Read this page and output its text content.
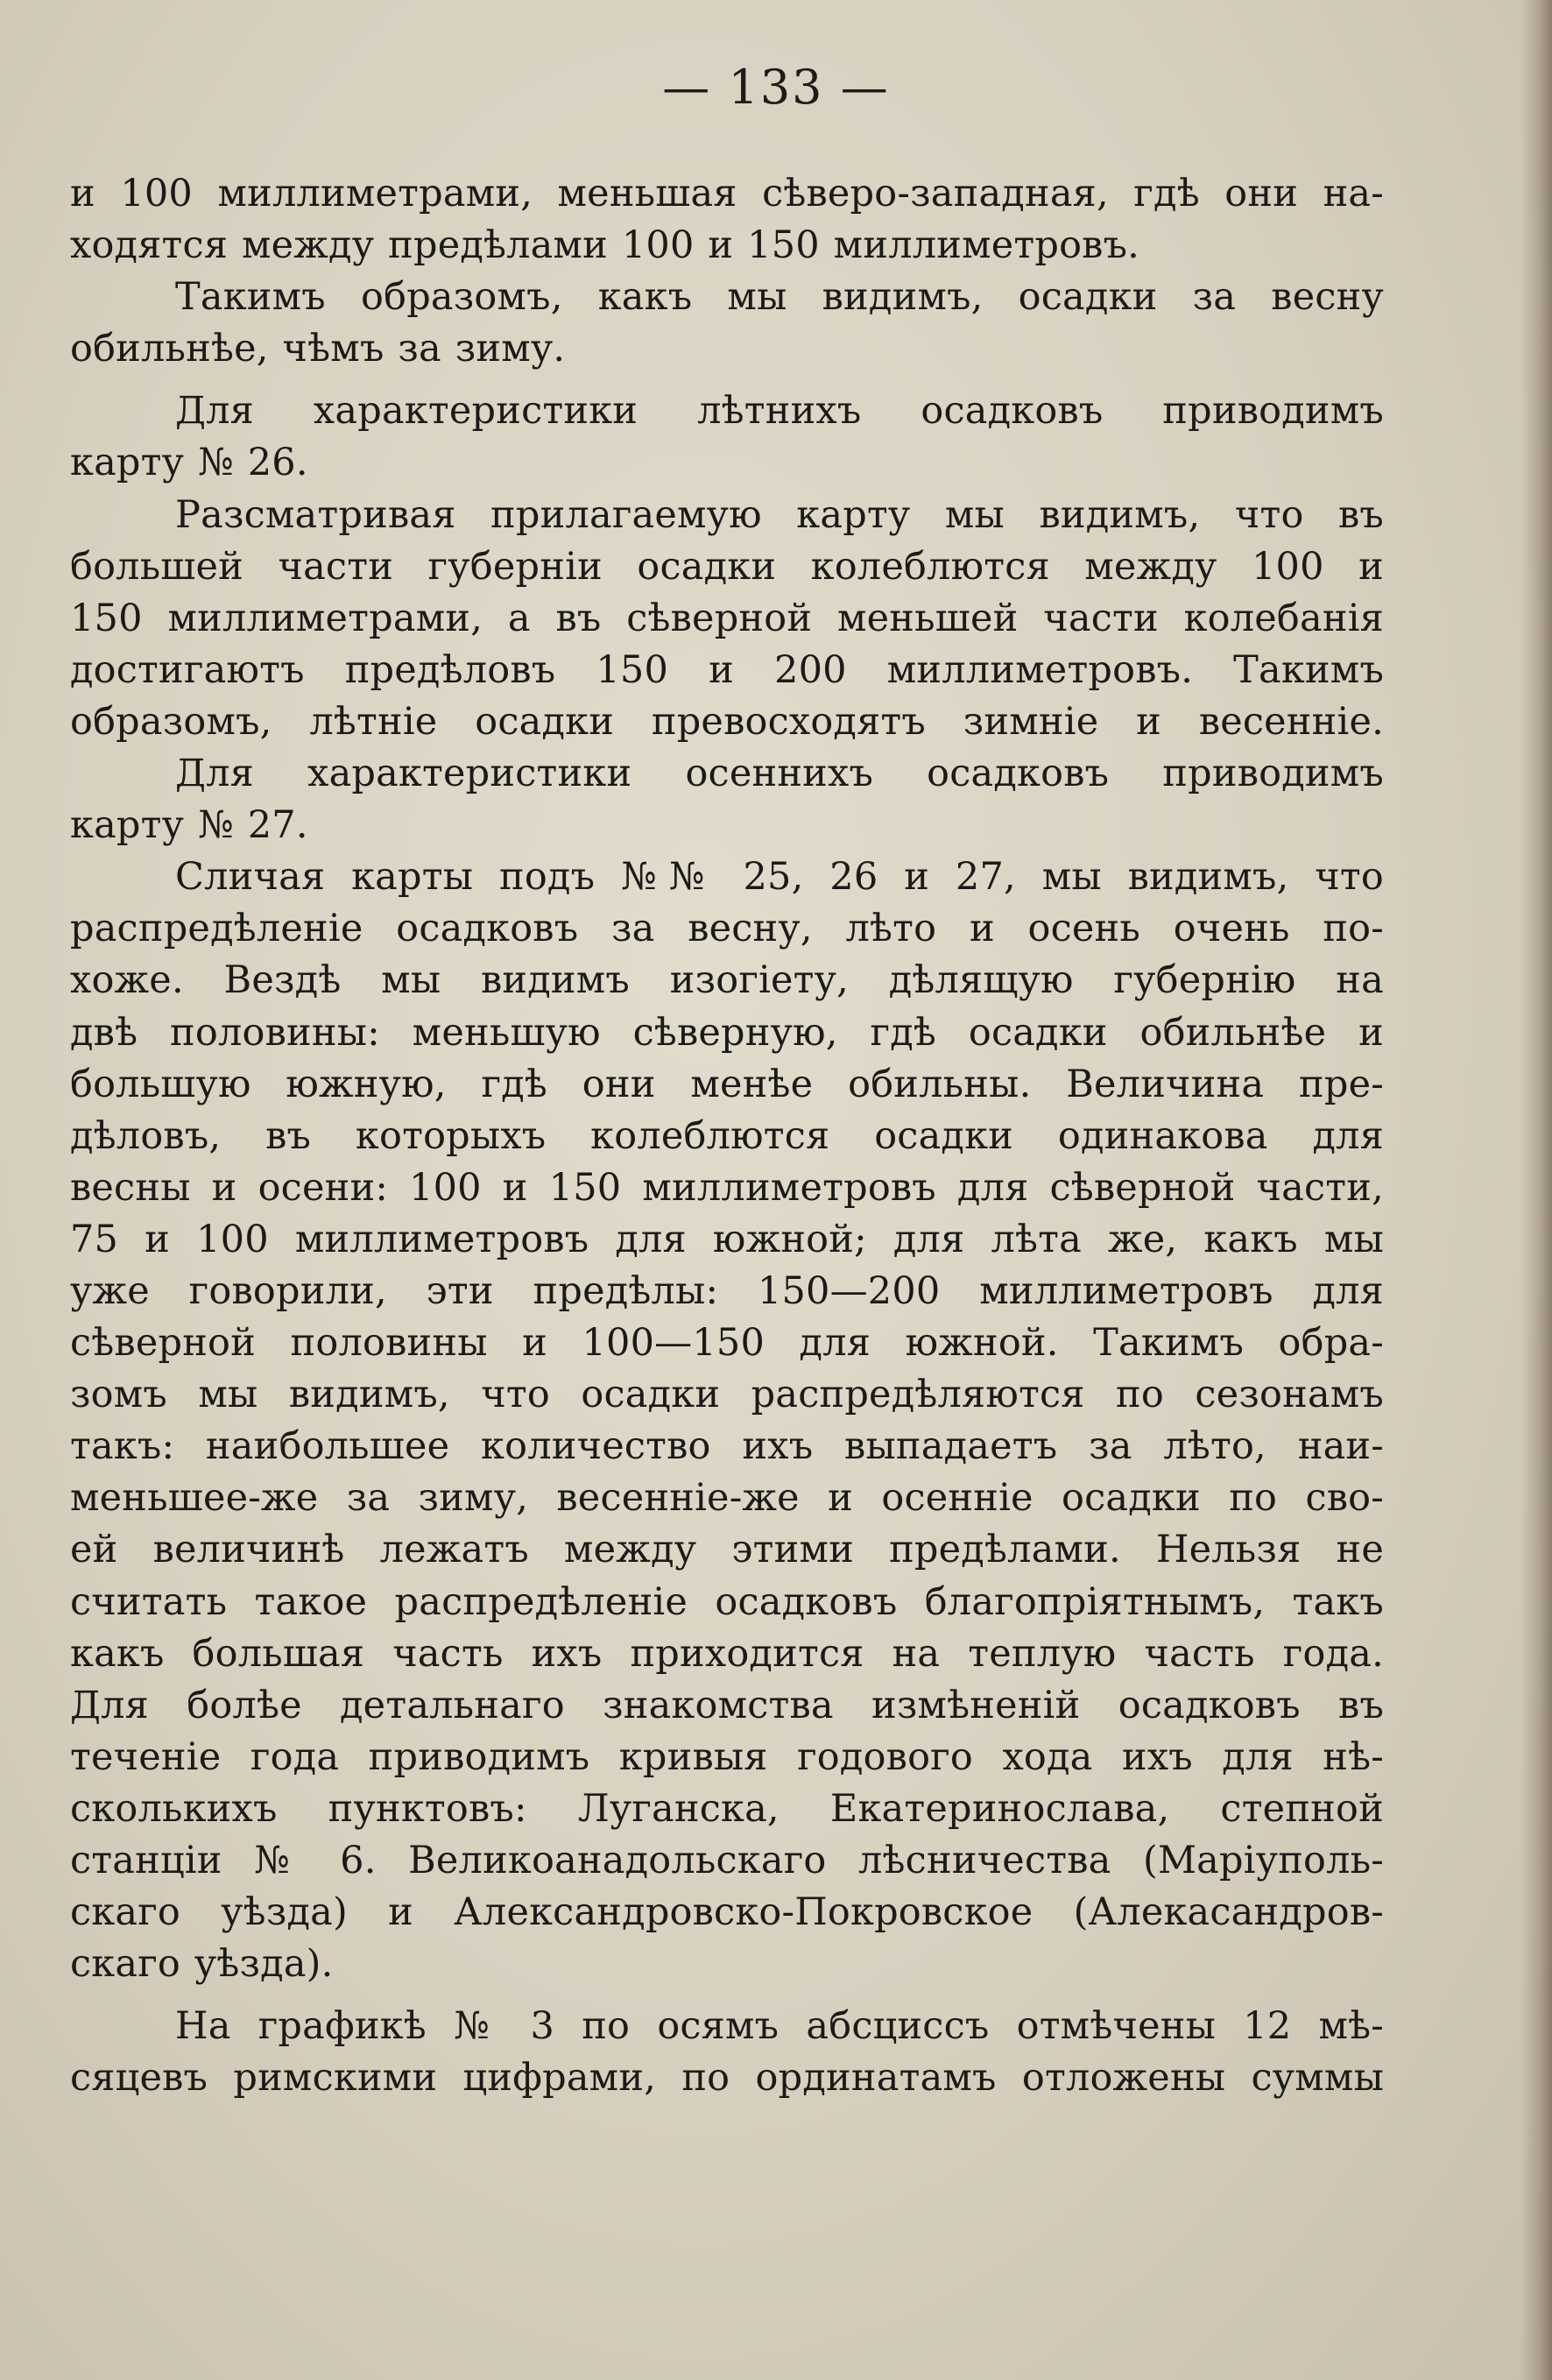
— 133 —
и 100 миллиметрами, меньшая сѣверо-западная, гдѣ они на-
ходятся между предѣлами 100 и 150 миллиметровъ.
Такимъ образомъ, какъ мы видимъ, осадки за весну
обильнѣе, чѣмъ за зиму.
Для характеристики лѣтнихъ осадковъ приводимъ
карту № 26.
Разсматривая прилагаемую карту мы видимъ, что въ
большей части губерніи осадки колеблются между 100 и
150 миллиметрами, а въ сѣверной меньшей части колебанія
достигаютъ предѣловъ 150 и 200 миллиметровъ. Такимъ
образомъ, лѣтніе осадки превосходятъ зимніе и весенніе.
Для характеристики осеннихъ осадковъ приводимъ
карту № 27.
Сличая карты подъ №№ 25, 26 и 27, мы видимъ, что
распредѣленіе осадковъ за весну, лѣто и осень очень по-
хоже. Вездѣ мы видимъ изогіету, дѣлящую губернію на
двѣ половины: меньшую сѣверную, гдѣ осадки обильнѣе и
большую южную, гдѣ они менѣе обильны. Величина пре-
дѣловъ, въ которыхъ колеблются осадки одинакова для
весны и осени: 100 и 150 миллиметровъ для сѣверной части,
75 и 100 миллиметровъ для южной; для лѣта же, какъ мы
уже говорили, эти предѣлы: 150—200 миллиметровъ для
сѣверной половины и 100—150 для южной. Такимъ обра-
зомъ мы видимъ, что осадки распредѣляются по сезонамъ
такъ: наибольшее количество ихъ выпадаетъ за лѣто, наи-
меньшее-же за зиму, весенніе-же и осенніе осадки по сво-
ей величинѣ лежатъ между этими предѣлами. Нельзя не
считать такое распредѣленіе осадковъ благопріятнымъ, такъ
какъ большая часть ихъ приходится на теплую часть года.
Для болѣе детальнаго знакомства измѣненій осадковъ въ
теченіе года приводимъ кривыя годового хода ихъ для нѣ-
сколькихъ пунктовъ: Луганска, Екатеринослава, степной
станціи № 6. Великоанадольскаго лѣсничества (Маріуполь-
скаго уѣзда) и Александровско-Покровское (Алекасандров-
скаго уѣзда).
На графикѣ № 3 по осямъ абсциссъ отмѣчены 12 мѣ-
сяцевъ римскими цифрами, по ординатамъ отложены суммы
